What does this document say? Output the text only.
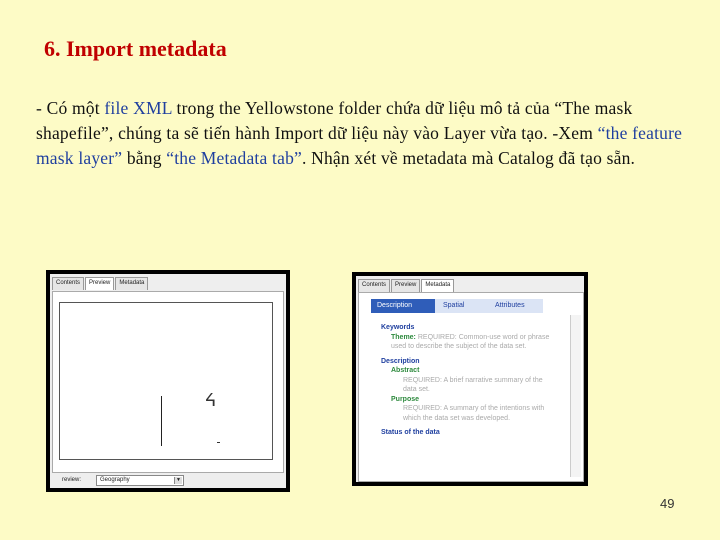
6. Import metadata
- Có một file XML trong the Yellowstone folder chứa dữ liệu mô tả của “The mask shapefile”, chúng ta sẽ tiến hành Import dữ liệu này vào Layer vừa tạo. -Xem “the feature mask layer” bằng “the Metadata tab”. Nhận xét về metadata mà Catalog đã tạo sẵn.
Contents	Preview	Metadata
ᔦ
review:	Geography	▼
Contents	Preview	Metadata
Description	Spatial	Attributes
Keywords
Theme: REQUIRED: Common-use word or phrase used to describe the subject of the data set.
Description
Abstract
REQUIRED: A brief narrative summary of the data set.
Purpose
REQUIRED: A summary of the intentions with which the data set was developed.
Status of the data
49
